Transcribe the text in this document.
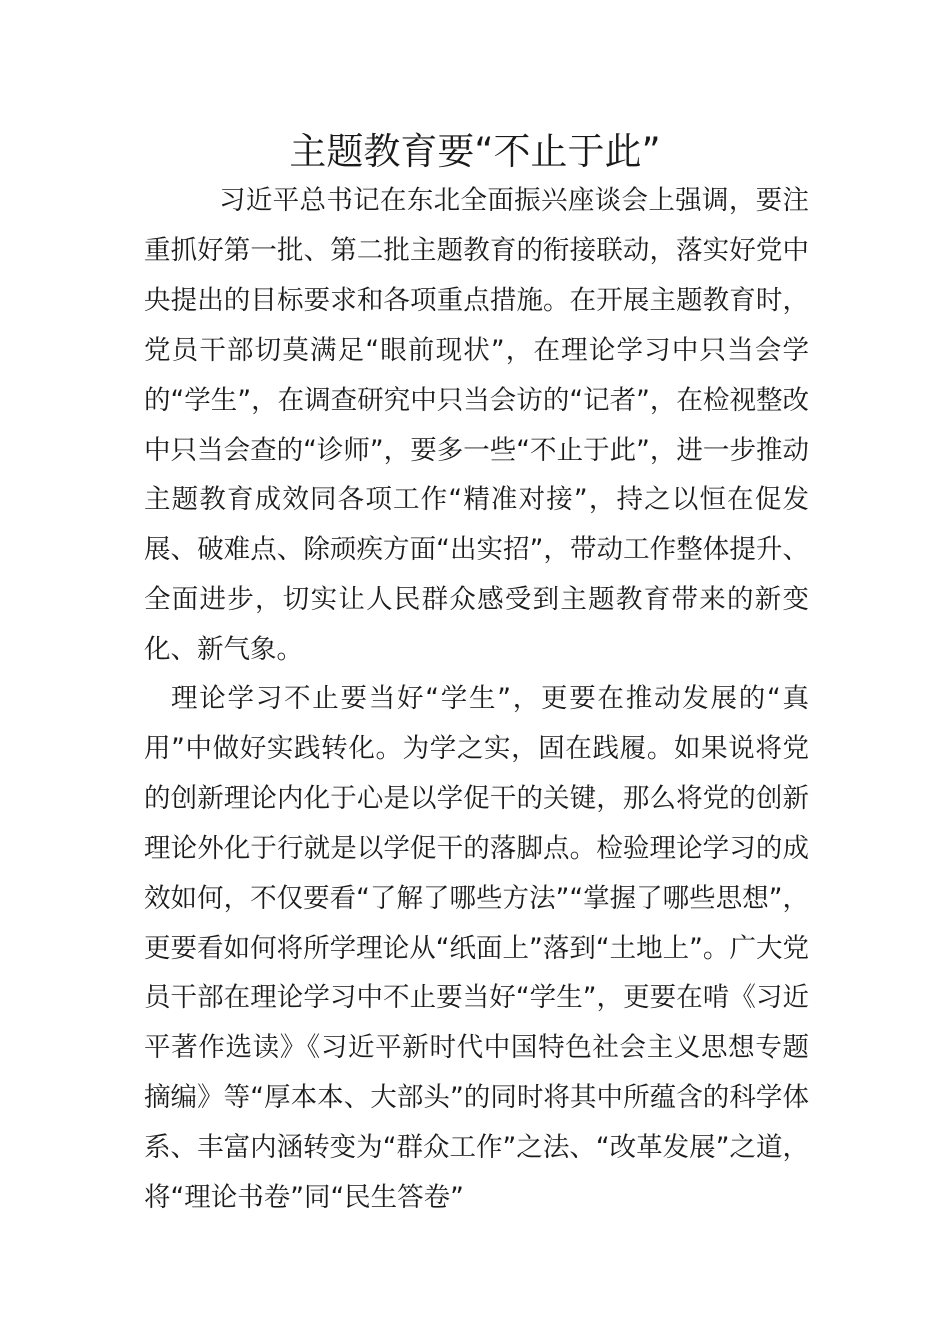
主题教育要“不止于此”

习近平总书记在东北全面振兴座谈会上强调，要注重抓好第一批、第二批主题教育的衔接联动，落实好党中央提出的目标要求和各项重点措施。在开展主题教育时，党员干部切莫满足“眼前现状”，在理论学习中只当会学的“学生”，在调查研究中只当会访的“记者”，在检视整改中只当会查的“诊师”，要多一些“不止于此”，进一步推动主题教育成效同各项工作“精准对接”，持之以恒在促发展、破难点、除顽疾方面“出实招”，带动工作整体提升、全面进步，切实让人民群众感受到主题教育带来的新变化、新气象。

理论学习不止要当好“学生”，更要在推动发展的“真用”中做好实践转化。为学之实，固在践履。如果说将党的创新理论内化于心是以学促干的关键，那么将党的创新理论外化于行就是以学促干的落脚点。检验理论学习的成效如何，不仅要看“了解了哪些方法”“掌握了哪些思想”，更要看如何将所学理论从“纸面上”落到“土地上”。广大党员干部在理论学习中不止要当好“学生”，更要在啃《习近平著作选读》《习近平新时代中国特色社会主义思想专题摘编》等“厚本本、大部头”的同时将其中所蕴含的科学体系、丰富内涵转变为“群众工作”之法、“改革发展”之道，将“理论书卷”同“民生答卷”
